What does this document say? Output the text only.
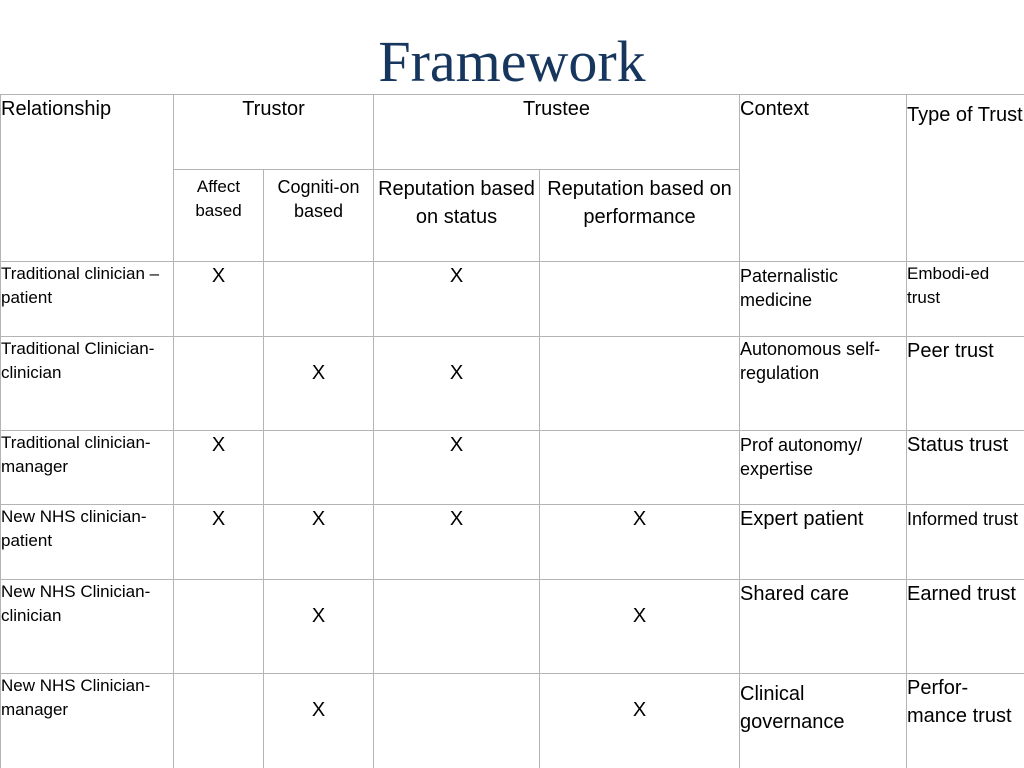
Framework
Relationship	Trustor		Trustee		Context	Type of Trust
	Affect based	Cogniti-on based	Reputation based on status	Reputation based on performance		
Traditional clinician – patient	X		X		Paternalistic medicine	Embodi-ed trust
Traditional Clinician-clinician		X	X		Autonomous self-regulation	Peer trust
Traditional clinician-manager	X		X		Prof autonomy/ expertise	Status trust
New NHS clinician-patient	X	X	X	X	Expert patient	Informed trust
New NHS Clinician-clinician		X		X	Shared care	Earned trust
New NHS Clinician-manager		X		X	Clinical governance	Perfor-mance trust
